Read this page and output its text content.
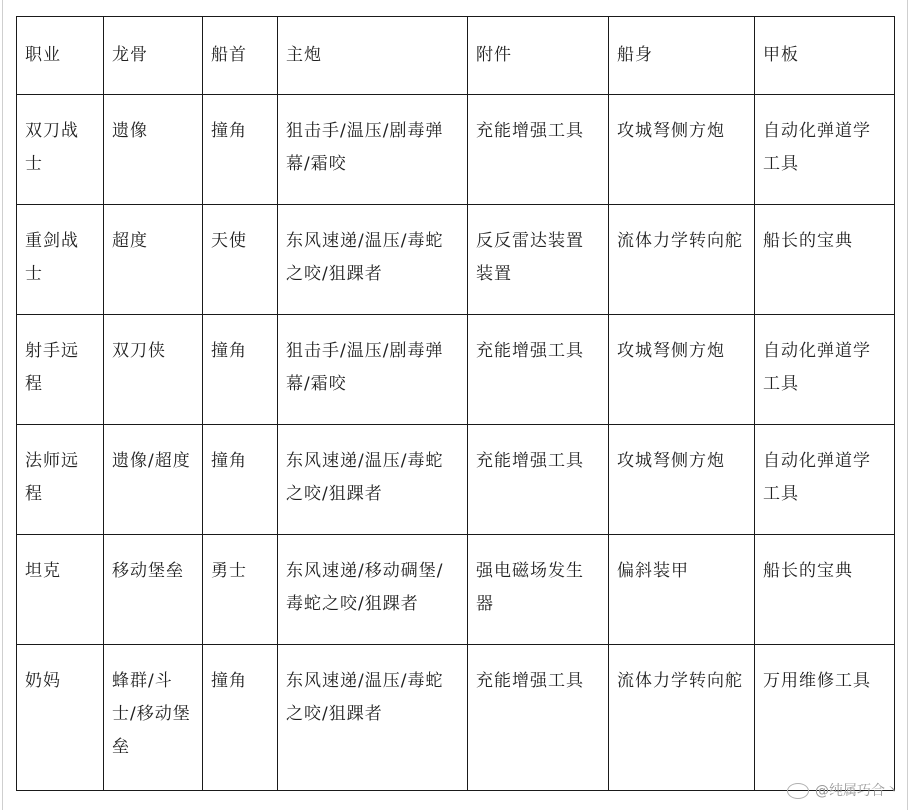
职业	龙骨	船首	主炮	附件	船身	甲板
双刀战士	遗像	撞角	狙击手/温压/剧毒弹幕/霜咬	充能增强工具	攻城弩侧方炮	自动化弹道学工具
重剑战士	超度	天使	东风速递/温压/毒蛇之咬/狙踝者	反反雷达装置装置	流体力学转向舵	船长的宝典
射手远程	双刀侠	撞角	狙击手/温压/剧毒弹幕/霜咬	充能增强工具	攻城弩侧方炮	自动化弹道学工具
法师远程	遗像/超度	撞角	东风速递/温压/毒蛇之咬/狙踝者	充能增强工具	攻城弩侧方炮	自动化弹道学工具
坦克	移动堡垒	勇士	东风速递/移动碉堡/毒蛇之咬/狙踝者	强电磁场发生器	偏斜装甲	船长的宝典
奶妈	蜂群/斗士/移动堡垒	撞角	东风速递/温压/毒蛇之咬/狙踝者	充能增强工具	流体力学转向舵	万用维修工具
@纯属巧合丶
